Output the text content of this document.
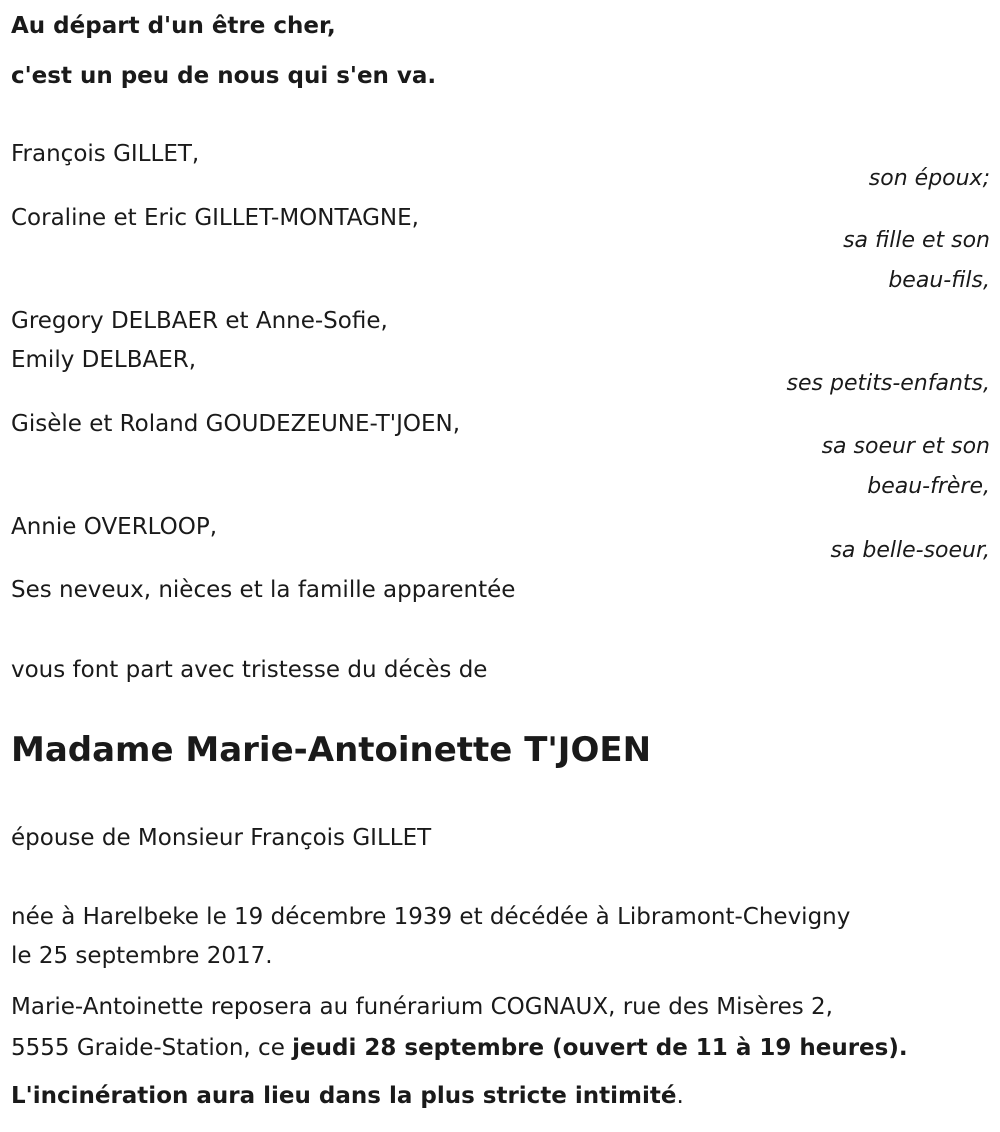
Au départ d'un être cher,

c'est un peu de nous qui s'en va.

François GILLET,

son époux;

Coraline et Eric GILLET-MONTAGNE,

sa fille et son
beau-fils,

Gregory DELBAER et Anne-Sofie,

Emily DELBAER,

ses petits-enfants,

Gisèle et Roland GOUDEZEUNE-T'JOEN,

sa soeur et son
beau-frère,

Annie OVERLOOP,

sa belle-soeur,

Ses neveux, nièces et la famille apparentée

vous font part avec tristesse du décès de

Madame Marie-Antoinette T'JOEN

épouse de Monsieur François GILLET

née à Harelbeke le 19 décembre 1939 et décédée à Libramont-Chevigny

le 25 septembre 2017.

Marie-Antoinette reposera au funérarium COGNAUX, rue des Misères 2,

5555 Graide-Station, ce jeudi 28 septembre (ouvert de 11 à 19 heures).

L'incinération aura lieu dans la plus stricte intimité.
